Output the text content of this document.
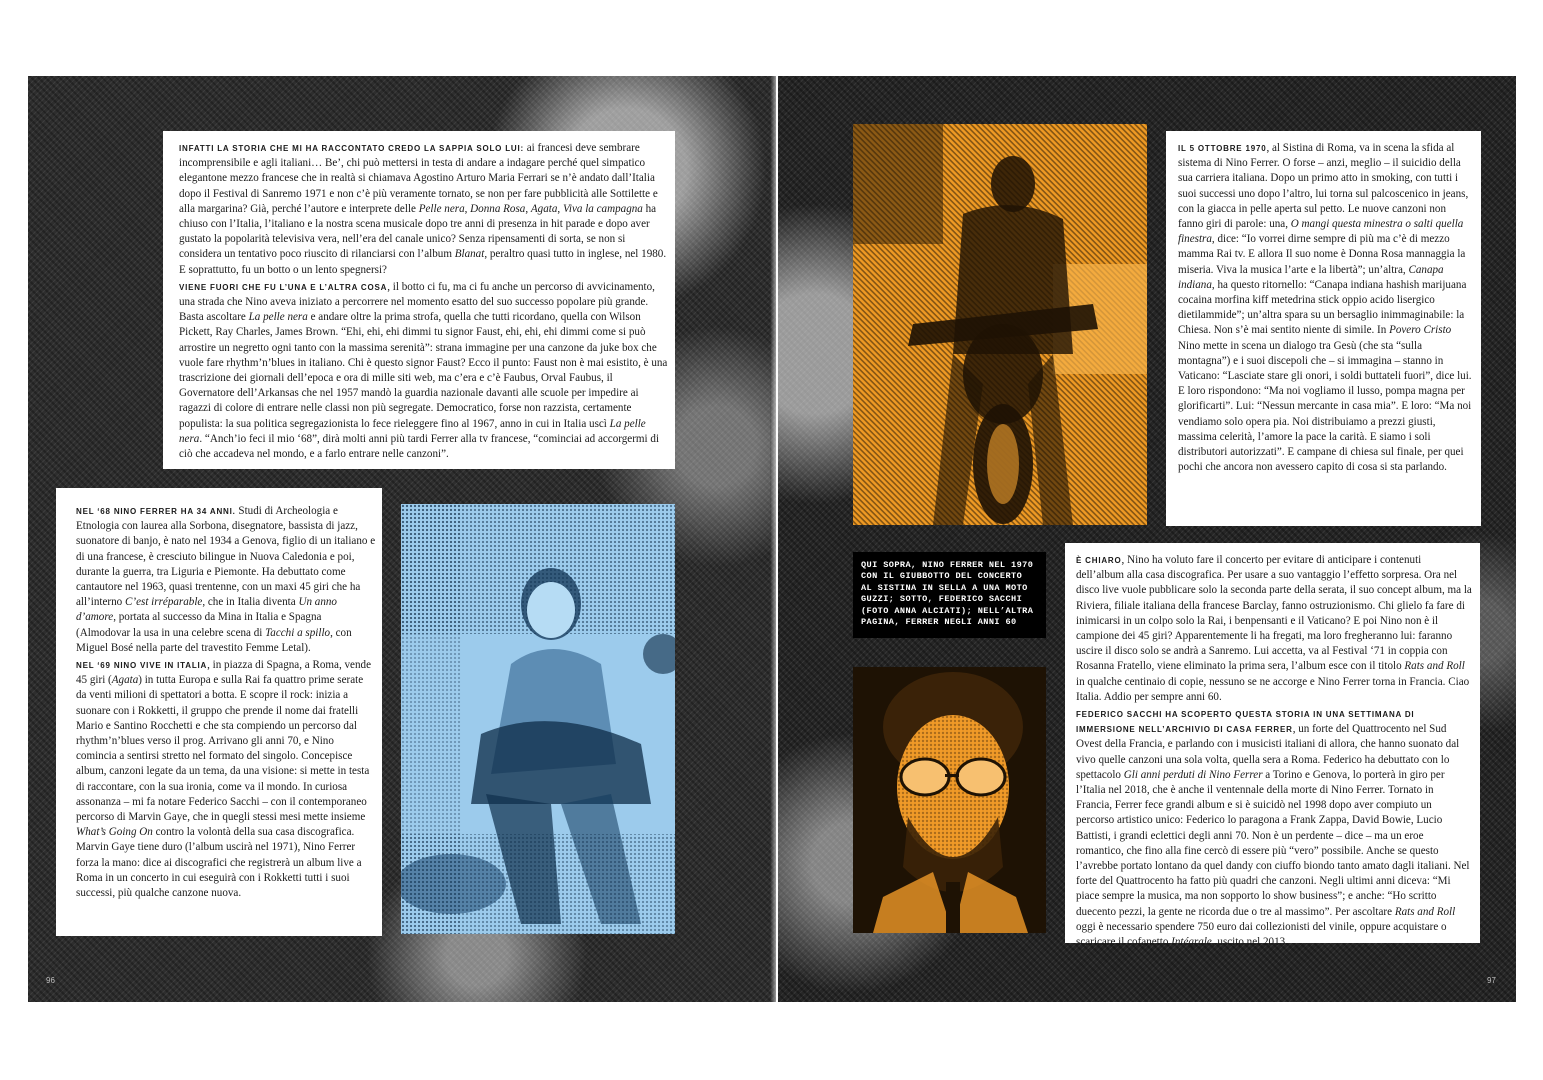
INFATTI LA STORIA CHE MI HA RACCONTATO CREDO LA SAPPIA SOLO LUI: ai francesi deve sembrare incomprensibile e agli italiani… Be’, chi può mettersi in testa di andare a indagare perché quel simpatico elegantone mezzo francese che in realtà si chiamava Agostino Arturo Maria Ferrari se n’è andato dall’Italia dopo il Festival di Sanremo 1971 e non c’è più veramente tornato, se non per fare pubblicità alle Sottilette e alla margarina? Già, perché l’autore e interprete delle Pelle nera, Donna Rosa, Agata, Viva la campagna ha chiuso con l’Italia, l’italiano e la nostra scena musicale dopo tre anni di presenza in hit parade e dopo aver gustato la popolarità televisiva vera, nell’era del canale unico? Senza ripensamenti di sorta, se non si considera un tentativo poco riuscito di rilanciarsi con l’album Blanat, peraltro quasi tutto in inglese, nel 1980. E soprattutto, fu un botto o un lento spegnersi?

VIENE FUORI CHE FU L’UNA E L’ALTRA COSA, il botto ci fu, ma ci fu anche un percorso di avvicinamento, una strada che Nino aveva iniziato a percorrere nel momento esatto del suo successo popolare più grande. Basta ascoltare La pelle nera e andare oltre la prima strofa, quella che tutti ricordano, quella con Wilson Pickett, Ray Charles, James Brown. “Ehi, ehi, ehi dimmi tu signor Faust, ehi, ehi, ehi dimmi come si può arrostire un negretto ogni tanto con la massima serenità”: strana immagine per una canzone da juke box che vuole fare rhythm’n’blues in italiano. Chi è questo signor Faust? Ecco il punto: Faust non è mai esistito, è una trascrizione dei giornali dell’epoca e ora di mille siti web, ma c’era e c’è Faubus, Orval Faubus, il Governatore dell’Arkansas che nel 1957 mandò la guardia nazionale davanti alle scuole per impedire ai ragazzi di colore di entrare nelle classi non più segregate. Democratico, forse non razzista, certamente populista: la sua politica segregazionista lo fece rieleggere fino al 1967, anno in cui in Italia uscì La pelle nera. “Anch’io feci il mio ‘68”, dirà molti anni più tardi Ferrer alla tv francese, “cominciai ad accorgermi di ciò che accadeva nel mondo, e a farlo entrare nelle canzoni”.

NEL ‘68 NINO FERRER HA 34 ANNI. Studi di Archeologia e Etnologia con laurea alla Sorbona, disegnatore, bassista di jazz, suonatore di banjo, è nato nel 1934 a Genova, figlio di un italiano e di una francese, è cresciuto bilingue in Nuova Caledonia e poi, durante la guerra, tra Liguria e Piemonte. Ha debuttato come cantautore nel 1963, quasi trentenne, con un maxi 45 giri che ha all’interno C’est irréparable, che in Italia diventa Un anno d’amore, portata al successo da Mina in Italia e Spagna (Almodovar la usa in una celebre scena di Tacchi a spillo, con Miguel Bosé nella parte del travestito Femme Letal).

NEL ‘69 NINO VIVE IN ITALIA, in piazza di Spagna, a Roma, vende 45 giri (Agata) in tutta Europa e sulla Rai fa quattro prime serate da venti milioni di spettatori a botta. E scopre il rock: inizia a suonare con i Rokketti, il gruppo che prende il nome dai fratelli Mario e Santino Rocchetti e che sta compiendo un percorso dal rhythm’n’blues verso il prog. Arrivano gli anni 70, e Nino comincia a sentirsi stretto nel formato del singolo. Concepisce album, canzoni legate da un tema, da una visione: si mette in testa di raccontare, con la sua ironia, come va il mondo. In curiosa assonanza – mi fa notare Federico Sacchi – con il contemporaneo percorso di Marvin Gaye, che in quegli stessi mesi mette insieme What’s Going On contro la volontà della sua casa discografica. Marvin Gaye tiene duro (l’album uscirà nel 1971), Nino Ferrer forza la mano: dice ai discografici che registrerà un album live a Roma in un concerto in cui eseguirà con i Rokketti tutti i suoi successi, più qualche canzone nuova.

IL 5 OTTOBRE 1970, al Sistina di Roma, va in scena la sfida al sistema di Nino Ferrer. O forse – anzi, meglio – il suicidio della sua carriera italiana. Dopo un primo atto in smoking, con tutti i suoi successi uno dopo l’altro, lui torna sul palcoscenico in jeans, con la giacca in pelle aperta sul petto. Le nuove canzoni non fanno giri di parole: una, O mangi questa minestra o salti quella finestra, dice: “Io vorrei dirne sempre di più ma c’è di mezzo mamma Rai tv. E allora Il suo nome è Donna Rosa mannaggia la miseria. Viva la musica l’arte e la libertà”; un’altra, Canapa indiana, ha questo ritornello: “Canapa indiana hashish marijuana cocaina morfina kiff metedrina stick oppio acido lisergico dietilammide”; un’altra spara su un bersaglio inimmaginabile: la Chiesa. Non s’è mai sentito niente di simile. In Povero Cristo Nino mette in scena un dialogo tra Gesù (che sta “sulla montagna”) e i suoi discepoli che – si immagina – stanno in Vaticano: “Lasciate stare gli onori, i soldi buttateli fuori”, dice lui. E loro rispondono: “Ma noi vogliamo il lusso, pompa magna per glorificarti”. Lui: “Nessun mercante in casa mia”. E loro: “Ma noi vendiamo solo opera pia. Noi distribuiamo a prezzi giusti, massima celerità, l’amore la pace la carità. E siamo i soli distributori autorizzati”. E campane di chiesa sul finale, per quei pochi che ancora non avessero capito di cosa si sta parlando.

QUI SOPRA, NINO FERRER NEL 1970 CON IL GIUBBOTTO DEL CONCERTO AL SISTINA IN SELLA A UNA MOTO GUZZI; SOTTO, FEDERICO SACCHI (FOTO ANNA ALCIATI); NELL’ALTRA PAGINA, FERRER NEGLI ANNI 60

È CHIARO, Nino ha voluto fare il concerto per evitare di anticipare i contenuti dell’album alla casa discografica. Per usare a suo vantaggio l’effetto sorpresa. Ora nel disco live vuole pubblicare solo la seconda parte della serata, il suo concept album, ma la Riviera, filiale italiana della francese Barclay, fanno ostruzionismo. Chi glielo fa fare di inimicarsi in un colpo solo la Rai, i benpensanti e il Vaticano? E poi Nino non è il campione dei 45 giri? Apparentemente li ha fregati, ma loro fregheranno lui: faranno uscire il disco solo se andrà a Sanremo. Lui accetta, va al Festival ‘71 in coppia con Rosanna Fratello, viene eliminato la prima sera, l’album esce con il titolo Rats and Roll in qualche centinaio di copie, nessuno se ne accorge e Nino Ferrer torna in Francia. Ciao Italia. Addio per sempre anni 60.

FEDERICO SACCHI HA SCOPERTO QUESTA STORIA IN UNA SETTIMANA DI IMMERSIONE NELL’ARCHIVIO DI CASA FERRER, un forte del Quattrocento nel Sud Ovest della Francia, e parlando con i musicisti italiani di allora, che hanno suonato dal vivo quelle canzoni una sola volta, quella sera a Roma. Federico ha debuttato con lo spettacolo Gli anni perduti di Nino Ferrer a Torino e Genova, lo porterà in giro per l’Italia nel 2018, che è anche il ventennale della morte di Nino Ferrer. Tornato in Francia, Ferrer fece grandi album e si è suicidò nel 1998 dopo aver compiuto un percorso artistico unico: Federico lo paragona a Frank Zappa, David Bowie, Lucio Battisti, i grandi eclettici degli anni 70. Non è un perdente – dice – ma un eroe romantico, che fino alla fine cercò di essere più “vero” possibile. Anche se questo l’avrebbe portato lontano da quel dandy con ciuffo biondo tanto amato dagli italiani. Nel forte del Quattrocento ha fatto più quadri che canzoni. Negli ultimi anni diceva: “Mi piace sempre la musica, ma non sopporto lo show business”; e anche: “Ho scritto duecento pezzi, la gente ne ricorda due o tre al massimo”. Per ascoltare Rats and Roll oggi è necessario spendere 750 euro dai collezionisti del vinile, oppure acquistare o scaricare il cofanetto Intégrale, uscito nel 2013.

96	97
